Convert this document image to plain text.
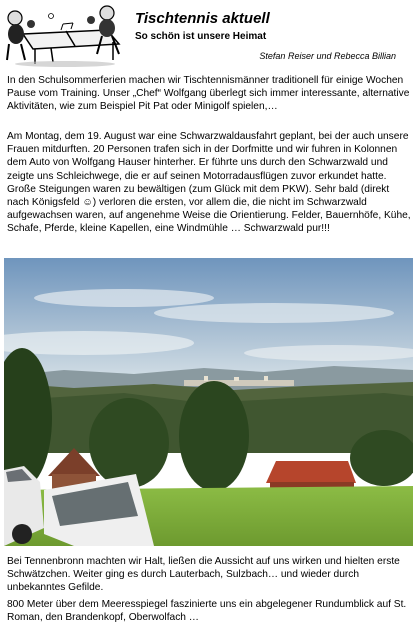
Tischtennis aktuell
So schön ist unsere Heimat
Stefan Reiser und Rebecca Billian

In den Schulsommerferien machen wir Tischtennismänner traditionell für einige Wochen Pause vom Training. Unser „Chef“ Wolfgang überlegt sich immer interessante, alternative Aktivitäten, wie zum Beispiel Pit Pat oder Minigolf spielen,…

Am Montag, dem 19. August war eine Schwarzwaldausfahrt geplant, bei der auch unsere Frauen mitdurften. 20 Personen trafen sich in der Dorfmitte und wir fuhren in Kolonnen dem Auto von Wolfgang Hauser hinterher. Er führte uns durch den Schwarzwald und zeigte uns Schleichwege, die er auf seinen Motorradausflügen zuvor erkundet hatte. Große Steigungen waren zu bewältigen (zum Glück mit dem PKW). Sehr bald (direkt nach Königsfeld ☺) verloren die ersten, vor allem die, die nicht im Schwarzwald aufgewachsen waren, auf angenehme Weise die Orientierung. Felder, Bauernhöfe, Kühe, Schafe, Pferde, kleine Kapellen, eine Windmühle … Schwarzwald pur!!!

Bei Tennenbronn machten wir Halt, ließen die Aussicht auf uns wirken und hielten erste Schwätzchen. Weiter ging es durch Lauterbach, Sulzbach… und wieder durch unbekanntes Gefilde.

800 Meter über dem Meeresspiegel faszinierte uns ein abgelegener Rundumblick auf St. Roman, den Brandenkopf, Oberwolfach …
